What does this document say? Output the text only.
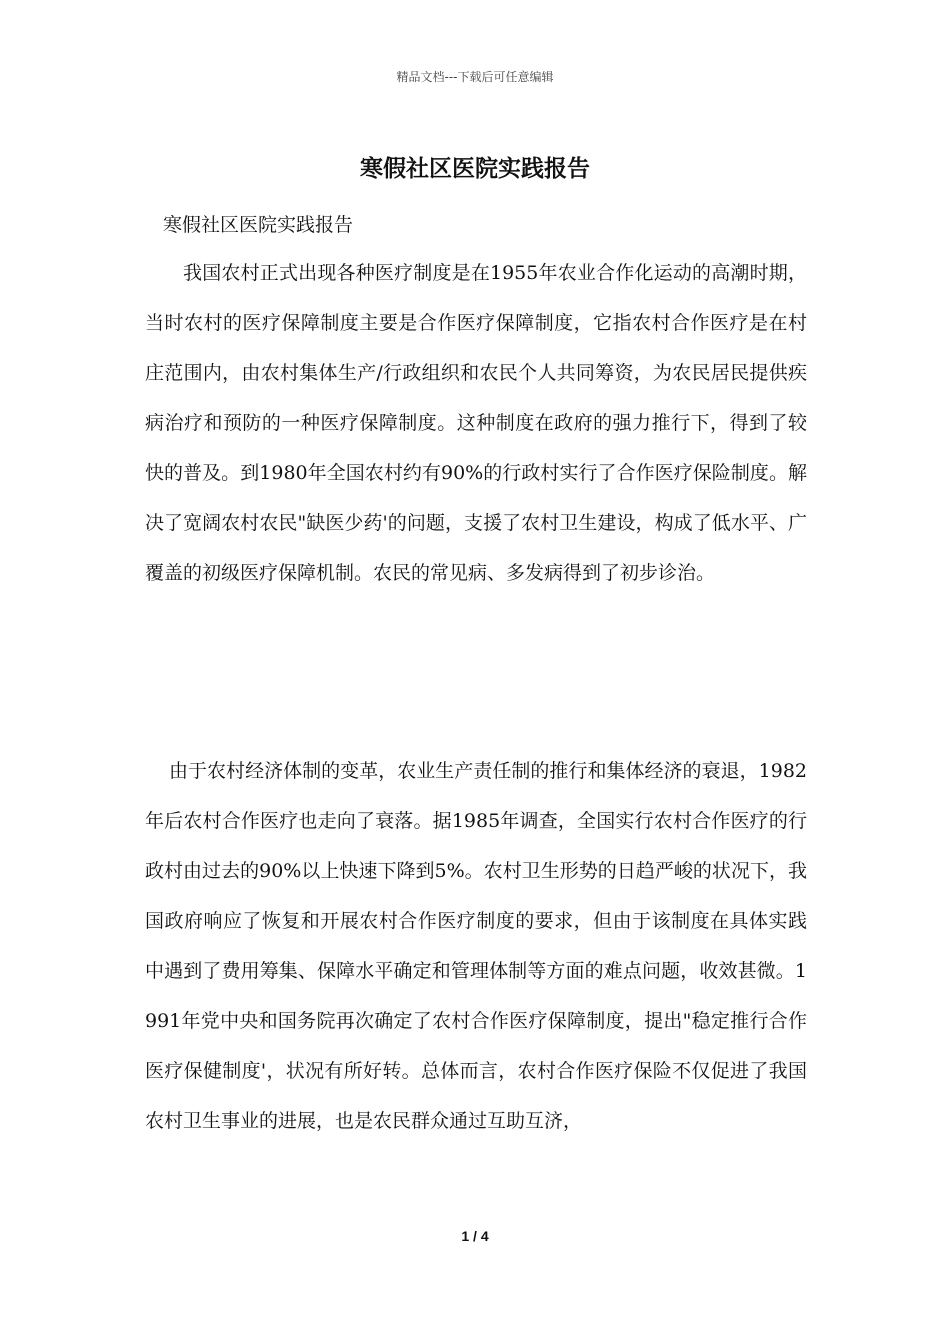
精品文档---下载后可任意编辑
寒假社区医院实践报告

寒假社区医院实践报告

我国农村正式出现各种医疗制度是在1955年农业合作化运动的高潮时期，当时农村的医疗保障制度主要是合作医疗保障制度，它指农村合作医疗是在村庄范围内，由农村集体生产/行政组织和农民个人共同筹资，为农民居民提供疾病治疗和预防的一种医疗保障制度。这种制度在政府的强力推行下，得到了较快的普及。到1980年全国农村约有90%的行政村实行了合作医疗保险制度。解决了宽阔农村农民"缺医少药'的问题，支援了农村卫生建设，构成了低水平、广覆盖的初级医疗保障机制。农民的常见病、多发病得到了初步诊治。

由于农村经济体制的变革，农业生产责任制的推行和集体经济的衰退，1982年后农村合作医疗也走向了衰落。据1985年调查，全国实行农村合作医疗的行政村由过去的90%以上快速下降到5%。农村卫生形势的日趋严峻的状况下，我国政府响应了恢复和开展农村合作医疗制度的要求，但由于该制度在具体实践中遇到了费用筹集、保障水平确定和管理体制等方面的难点问题，收效甚微。1991年党中央和国务院再次确定了农村合作医疗保障制度，提出"稳定推行合作医疗保健制度'，状况有所好转。总体而言，农村合作医疗保险不仅促进了我国农村卫生事业的进展，也是农民群众通过互助互济，

1 / 4
